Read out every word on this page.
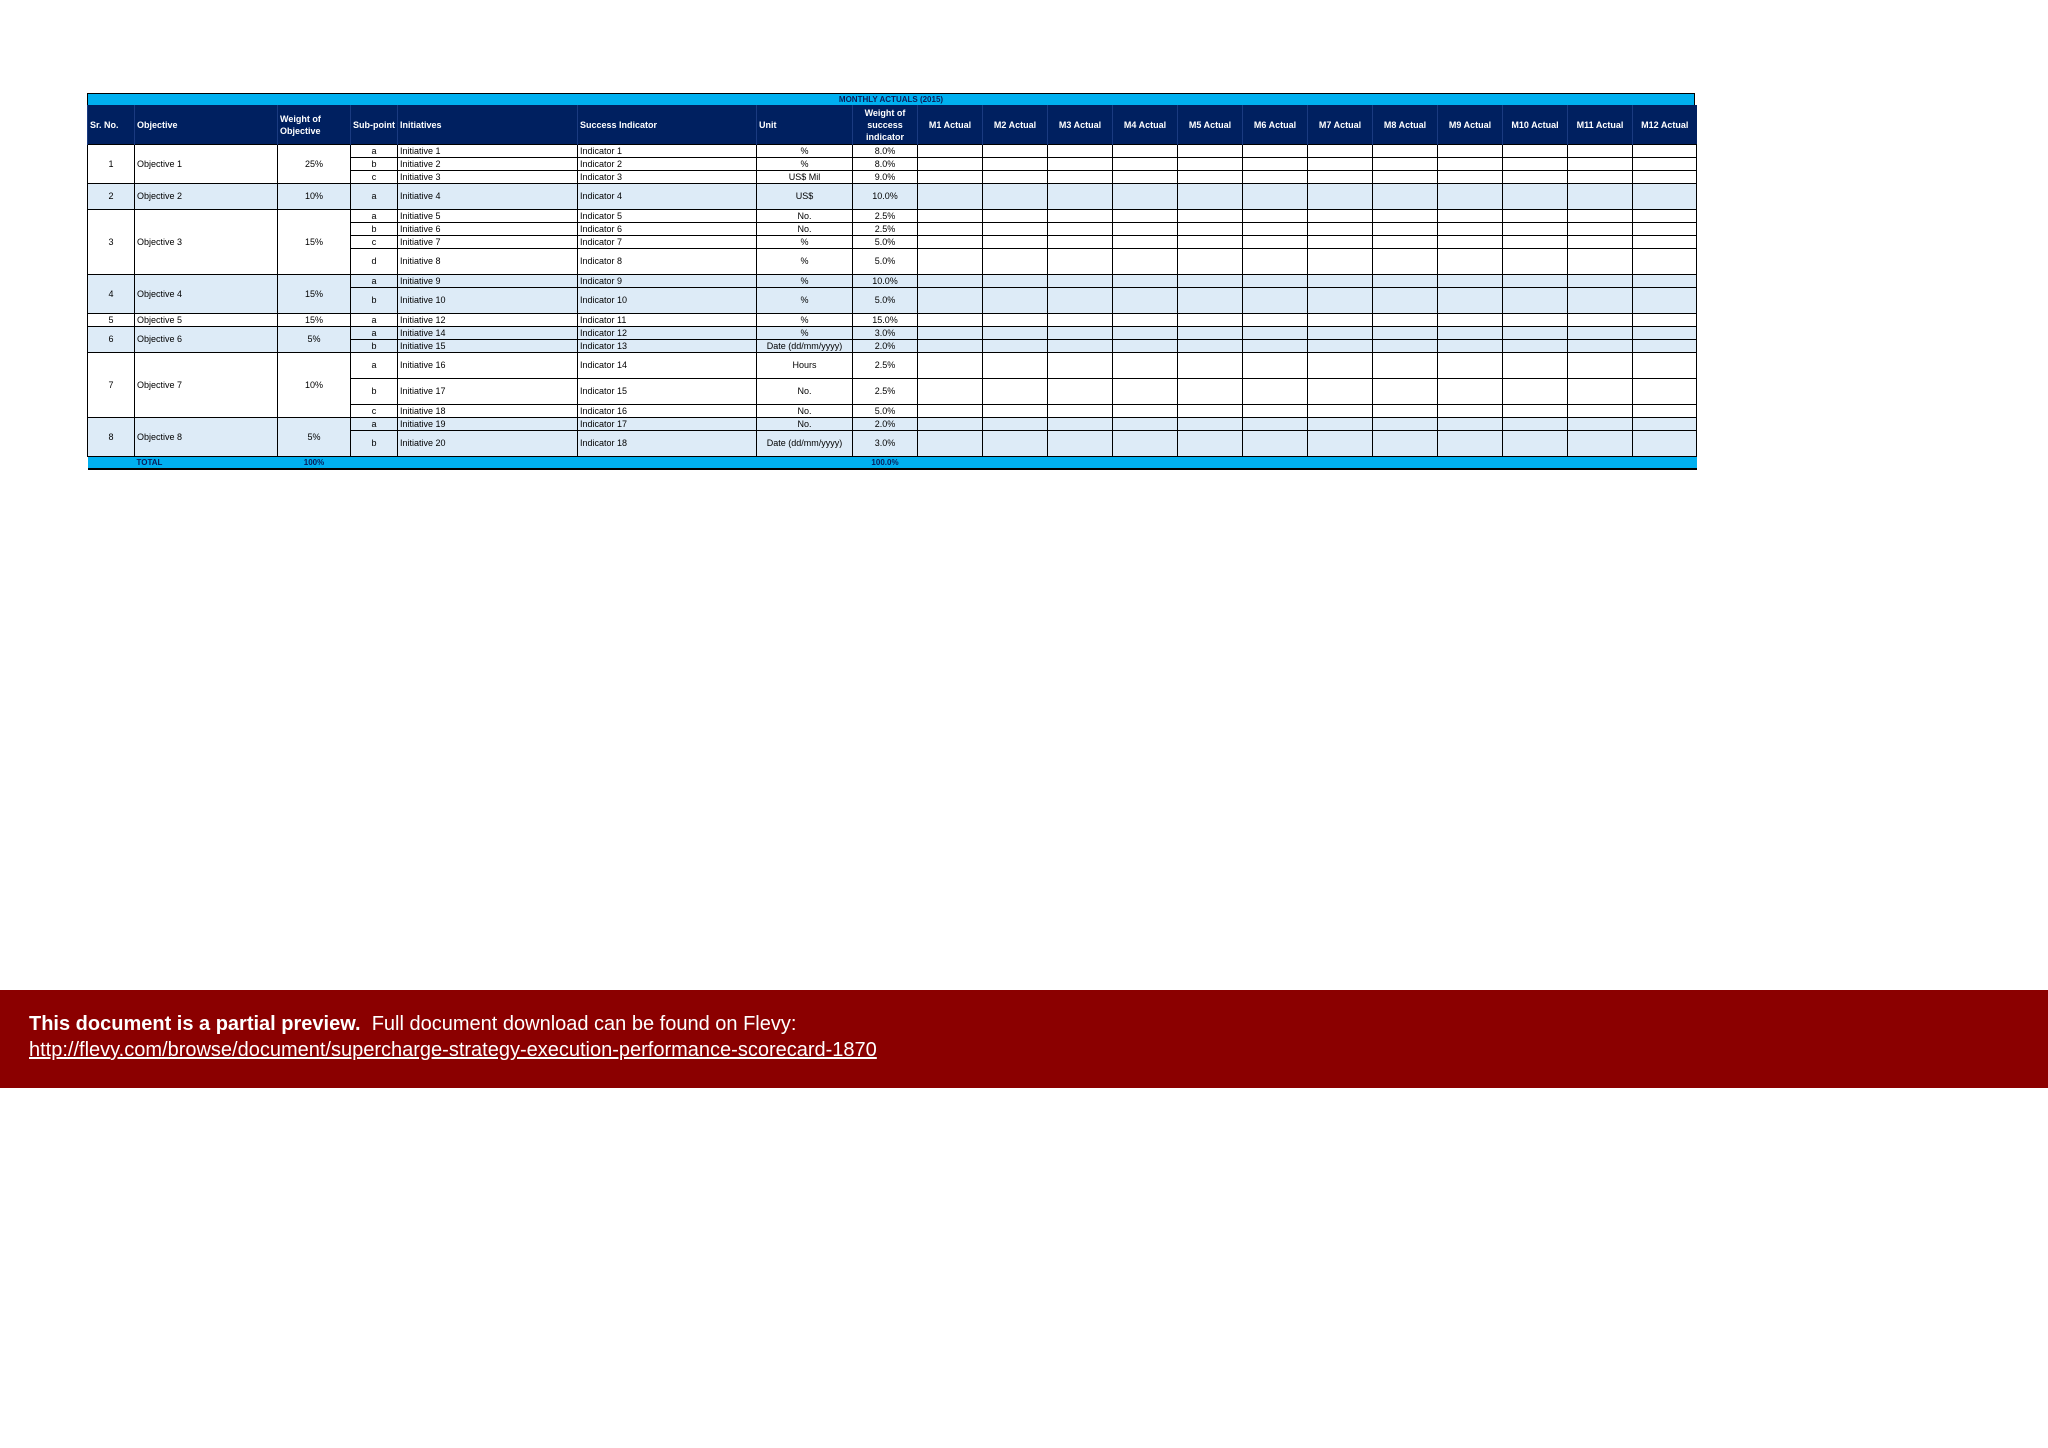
MONTHLY ACTUALS (2015)
Sr. No.	Objective	Weight of
Objective	Sub-point	Initiatives	Success Indicator	Unit	Weight of
success
indicator	M1 Actual	M2 Actual	M3 Actual	M4 Actual	M5 Actual	M6 Actual	M7 Actual	M8 Actual	M9 Actual	M10 Actual	M11 Actual	M12 Actual
1	Objective 1	25%	a	Initiative 1	Indicator 1	%	8.0%												
			b	Initiative 2	Indicator 2	%	8.0%												
			c	Initiative 3	Indicator 3	US$ Mil	9.0%												
2	Objective 2	10%	a	Initiative 4	Indicator 4	US$	10.0%												
3	Objective 3	15%	a	Initiative 5	Indicator 5	No.	2.5%												
			b	Initiative 6	Indicator 6	No.	2.5%												
			c	Initiative 7	Indicator 7	%	5.0%												
			d	Initiative 8	Indicator 8	%	5.0%												
4	Objective 4	15%	a	Initiative 9	Indicator 9	%	10.0%												
			b	Initiative 10	Indicator 10	%	5.0%												
5	Objective 5	15%	a	Initiative 12	Indicator 11	%	15.0%												
6	Objective 6	5%	a	Initiative 14	Indicator 12	%	3.0%												
			b	Initiative 15	Indicator 13	Date (dd/mm/yyyy)	2.0%												
7	Objective 7	10%	a	Initiative 16	Indicator 14	Hours	2.5%												
			b	Initiative 17	Indicator 15	No.	2.5%												
			c	Initiative 18	Indicator 16	No.	5.0%												
8	Objective 8	5%	a	Initiative 19	Indicator 17	No.	2.0%												
			b	Initiative 20	Indicator 18	Date (dd/mm/yyyy)	3.0%												
	TOTAL	100%					100.0%												
This document is a partial preview. Full document download can be found on Flevy:
http://flevy.com/browse/document/supercharge-strategy-execution-performance-scorecard-1870
